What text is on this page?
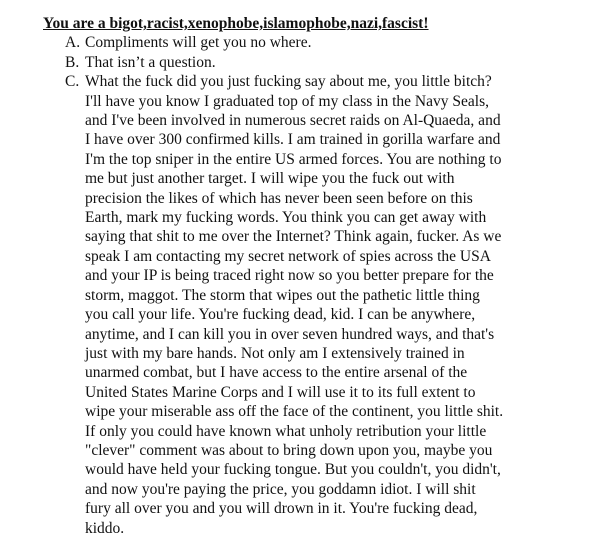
You are a bigot,racist,xenophobe,islamophobe,nazi,fascist!

A. Compliments will get you no where.
B. That isn’t a question.
C. What the fuck did you just fucking say about me, you little bitch?
I'll have you know I graduated top of my class in the Navy Seals,
and I've been involved in numerous secret raids on Al-Quaeda, and
I have over 300 confirmed kills. I am trained in gorilla warfare and
I'm the top sniper in the entire US armed forces. You are nothing to
me but just another target. I will wipe you the fuck out with
precision the likes of which has never been seen before on this
Earth, mark my fucking words. You think you can get away with
saying that shit to me over the Internet? Think again, fucker. As we
speak I am contacting my secret network of spies across the USA
and your IP is being traced right now so you better prepare for the
storm, maggot. The storm that wipes out the pathetic little thing
you call your life. You're fucking dead, kid. I can be anywhere,
anytime, and I can kill you in over seven hundred ways, and that's
just with my bare hands. Not only am I extensively trained in
unarmed combat, but I have access to the entire arsenal of the
United States Marine Corps and I will use it to its full extent to
wipe your miserable ass off the face of the continent, you little shit.
If only you could have known what unholy retribution your little
"clever" comment was about to bring down upon you, maybe you
would have held your fucking tongue. But you couldn't, you didn't,
and now you're paying the price, you goddamn idiot. I will shit
fury all over you and you will drown in it. You're fucking dead,
kiddo.
